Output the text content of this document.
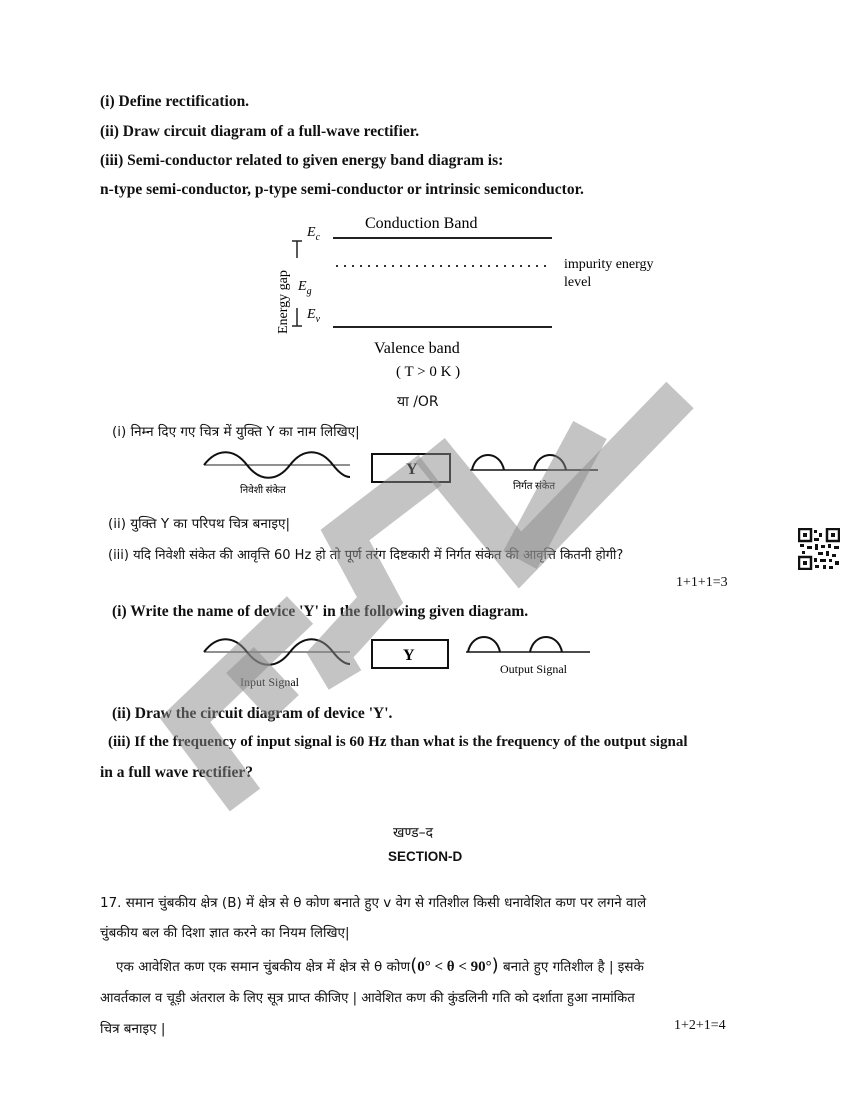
(i) Define rectification.
(ii) Draw circuit diagram of a full-wave rectifier.
(iii) Semi-conductor related to given energy band diagram is:
n-type semi-conductor, p-type semi-conductor or intrinsic semiconductor.
Conduction Band
$E_c$
impurity energy
level
$E_g$
$E_v$
Energy gap
Valence band
( T > 0 K )
या /OR
(i) निम्न दिए गए चित्र में युक्ति Y का नाम लिखिए|
निवेशी संकेत
Y
निर्गत संकेत
(ii) युक्ति Y का परिपथ चित्र बनाइए|
(iii) यदि निवेशी संकेत की आवृत्ति 60 Hz हो तो पूर्ण तरंग दिष्टकारी में निर्गत संकेत की आवृत्ति कितनी होगी?
1+1+1=3
(i) Write the name of device 'Y' in the following given diagram.
Input Signal
Y
Output Signal
(ii) Draw the circuit diagram of device 'Y'.
(iii) If the frequency of input signal is 60 Hz than what is the frequency of the output signal
in a full wave rectifier?
खण्ड–द
SECTION-D
17. समान चुंबकीय क्षेत्र (B) में क्षेत्र से θ कोण बनाते हुए v वेग से गतिशील किसी धनावेशित कण पर लगने वाले
चुंबकीय बल की दिशा ज्ञात करने का नियम लिखिए|
एक आवेशित कण एक समान चुंबकीय क्षेत्र में क्षेत्र से θ कोण(0° < θ < 90°) बनाते हुए गतिशील है | इसके
आवर्तकाल व चूड़ी अंतराल के लिए सूत्र प्राप्त कीजिए | आवेशित कण की कुंडलिनी गति को दर्शाता हुआ नामांकित
चित्र बनाइए |	1+2+1=4
